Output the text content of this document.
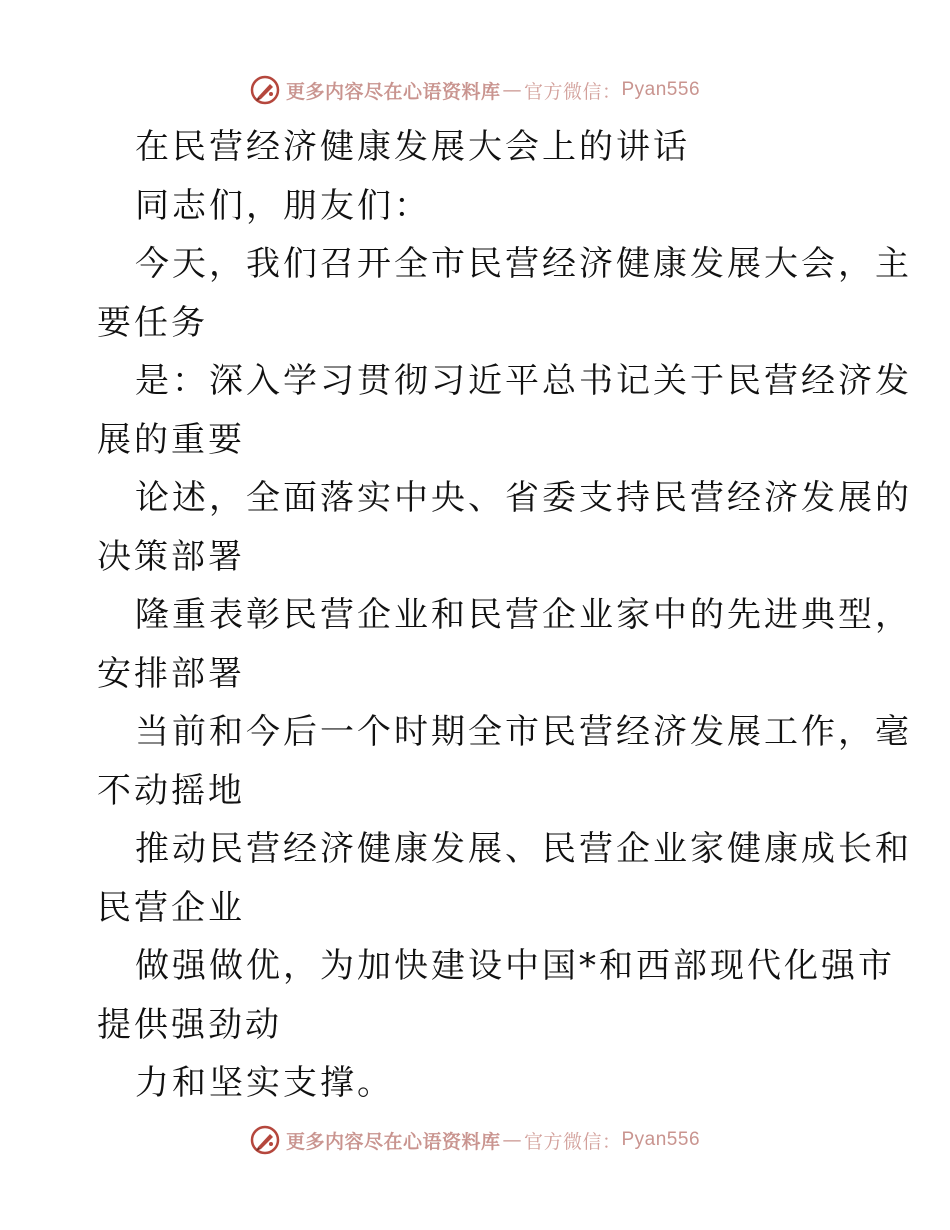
更多内容尽在心语资料库 — 官方微信： Pyan556

在民营经济健康发展大会上的讲话

同志们，朋友们：

今天，我们召开全市民营经济健康发展大会，主

要任务

是：深入学习贯彻习近平总书记关于民营经济发

展的重要

论述，全面落实中央、省委支持民营经济发展的

决策部署

隆重表彰民营企业和民营企业家中的先进典型，

安排部署

当前和今后一个时期全市民营经济发展工作，毫

不动摇地

推动民营经济健康发展、民营企业家健康成长和

民营企业

做强做优，为加快建设中国*和西部现代化强市

提供强劲动

力和坚实支撑。

更多内容尽在心语资料库 — 官方微信： Pyan556
